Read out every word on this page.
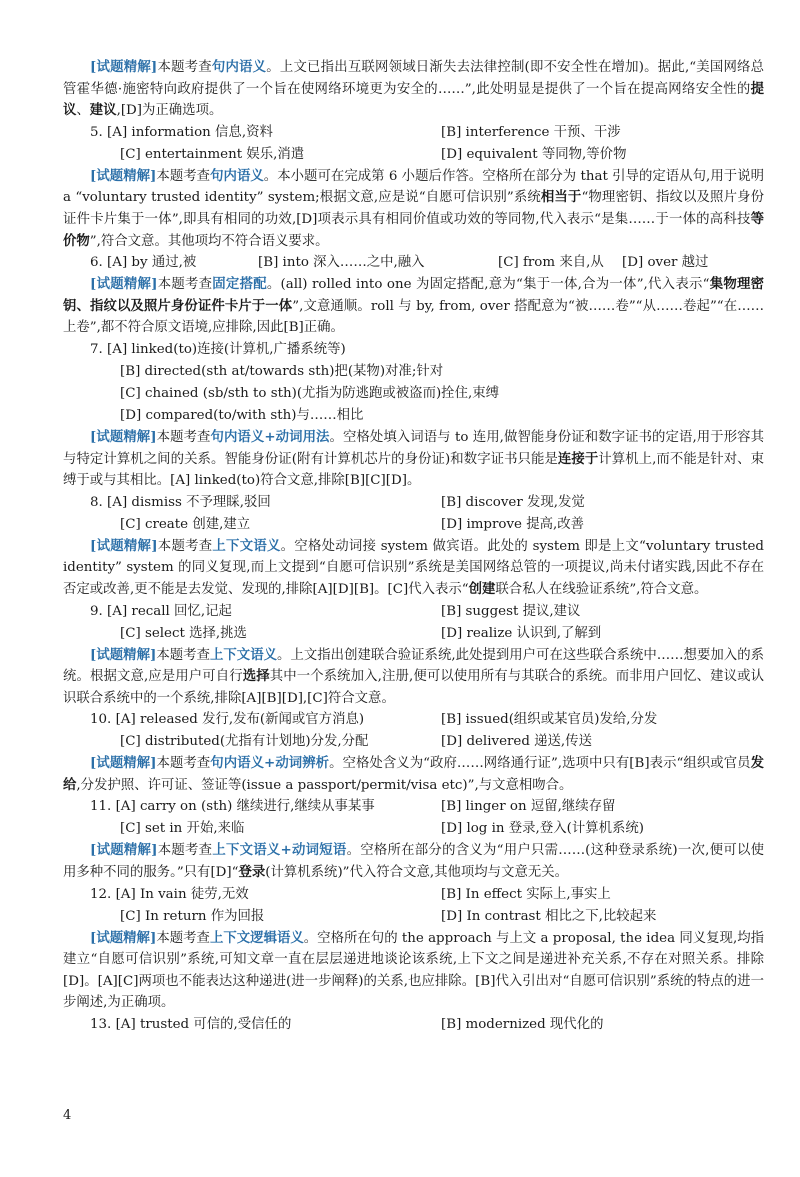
[试题精解]本题考查句内语义。上文已指出互联网领域日渐失去法律控制(即不安全性在增加)。据此,“美国网络总管霍华德·施密特向政府提供了一个旨在使网络环境更为安全的……”,此处明显是提供了一个旨在提高网络安全性的提议、建议,[D]为正确选项。

5. [A] information 信息,资料	[B] interference 干预、干涉
[C] entertainment 娱乐,消遣	[D] equivalent 等同物,等价物

[试题精解]本题考查句内语义。本小题可在完成第 6 小题后作答。空格所在部分为 that 引导的定语从句,用于说明 a “voluntary trusted identity” system;根据文意,应是说“自愿可信识别”系统相当于“物理密钥、指纹以及照片身份证件卡片集于一体”,即具有相同的功效,[D]项表示具有相同价值或功效的等同物,代入表示“是集……于一体的高科技等价物”,符合文意。其他项均不符合语义要求。

6. [A] by 通过,被	[B] into 深入……之中,融入	[C] from 来自,从	[D] over 越过

[试题精解]本题考查固定搭配。(all) rolled into one 为固定搭配,意为“集于一体,合为一体”,代入表示“集物理密钥、指纹以及照片身份证件卡片于一体”,文意通顺。roll 与 by, from, over 搭配意为“被……卷”“从……卷起”“在……上卷”,都不符合原文语境,应排除,因此[B]正确。

7. [A] linked(to)连接(计算机,广播系统等)
[B] directed(sth at/towards sth)把(某物)对准;针对
[C] chained (sb/sth to sth)(尤指为防逃跑或被盗而)拴住,束缚
[D] compared(to/with sth)与……相比

[试题精解]本题考查句内语义+动词用法。空格处填入词语与 to 连用,做智能身份证和数字证书的定语,用于形容其与特定计算机之间的关系。智能身份证(附有计算机芯片的身份证)和数字证书只能是连接于计算机上,而不能是针对、束缚于或与其相比。[A] linked(to)符合文意,排除[B][C][D]。

8. [A] dismiss 不予理睬,驳回	[B] discover 发现,发觉
[C] create 创建,建立	[D] improve 提高,改善

[试题精解]本题考查上下文语义。空格处动词接 system 做宾语。此处的 system 即是上文“voluntary trusted identity” system 的同义复现,而上文提到“自愿可信识别”系统是美国网络总管的一项提议,尚未付诸实践,因此不存在否定或改善,更不能是去发觉、发现的,排除[A][D][B]。[C]代入表示“创建联合私人在线验证系统”,符合文意。

9. [A] recall 回忆,记起	[B] suggest 提议,建议
[C] select 选择,挑选	[D] realize 认识到,了解到

[试题精解]本题考查上下文语义。上文指出创建联合验证系统,此处提到用户可在这些联合系统中……想要加入的系统。根据文意,应是用户可自行选择其中一个系统加入,注册,便可以使用所有与其联合的系统。而非用户回忆、建议或认识联合系统中的一个系统,排除[A][B][D],[C]符合文意。

10. [A] released 发行,发布(新闻或官方消息)	[B] issued(组织或某官员)发给,分发
[C] distributed(尤指有计划地)分发,分配	[D] delivered 递送,传送

[试题精解]本题考查句内语义+动词辨析。空格处含义为“政府……网络通行证”,选项中只有[B]表示“组织或官员发给,分发护照、许可证、签证等(issue a passport/permit/visa etc)”,与文意相吻合。

11. [A] carry on (sth) 继续进行,继续从事某事	[B] linger on 逗留,继续存留
[C] set in 开始,来临	[D] log in 登录,登入(计算机系统)

[试题精解]本题考查上下文语义+动词短语。空格所在部分的含义为“用户只需……(这种登录系统)一次,便可以使用多种不同的服务。”只有[D]“登录(计算机系统)”代入符合文意,其他项均与文意无关。

12. [A] In vain 徒劳,无效	[B] In effect 实际上,事实上
[C] In return 作为回报	[D] In contrast 相比之下,比较起来

[试题精解]本题考查上下文逻辑语义。空格所在句的 the approach 与上文 a proposal, the idea 同义复现,均指建立“自愿可信识别”系统,可知文章一直在层层递进地谈论该系统,上下文之间是递进补充关系,不存在对照关系。排除[D]。[A][C]两项也不能表达这种递进(进一步阐释)的关系,也应排除。[B]代入引出对“自愿可信识别”系统的特点的进一步阐述,为正确项。

13. [A] trusted 可信的,受信任的	[B] modernized 现代化的
4
